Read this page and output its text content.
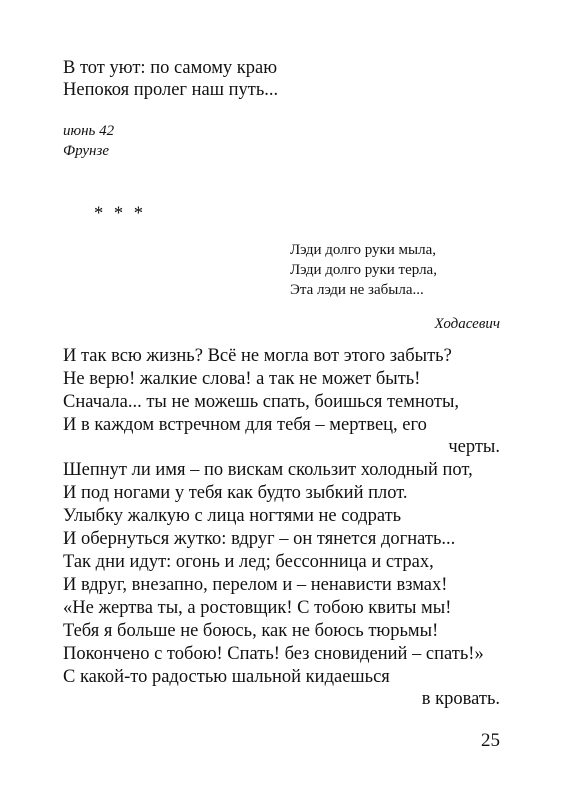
В тот уют: по самому краю
Непокоя пролег наш путь...
июнь 42
Фрунзе
* * *
Лэди долго руки мыла,
Лэди долго руки терла,
Эта лэди не забыла...
Ходасевич
И так всю жизнь? Всё не могла вот этого забыть?
Не верю! жалкие слова! а так не может быть!
Сначала... ты не можешь спать, боишься темноты,
И в каждом встречном для тебя – мертвец, его
черты.
Шепнут ли имя – по вискам скользит холодный пот,
И под ногами у тебя как будто зыбкий плот.
Улыбку жалкую с лица ногтями не содрать
И обернуться жутко: вдруг – он тянется догнать...
Так дни идут: огонь и лед; бессонница и страх,
И вдруг, внезапно, перелом и – ненависти взмах!
«Не жертва ты, а ростовщик! С тобою квиты мы!
Тебя я больше не боюсь, как не боюсь тюрьмы!
Покончено с тобою! Спать! без сновидений – спать!»
С какой-то радостью шальной кидаешься
в кровать.
25
